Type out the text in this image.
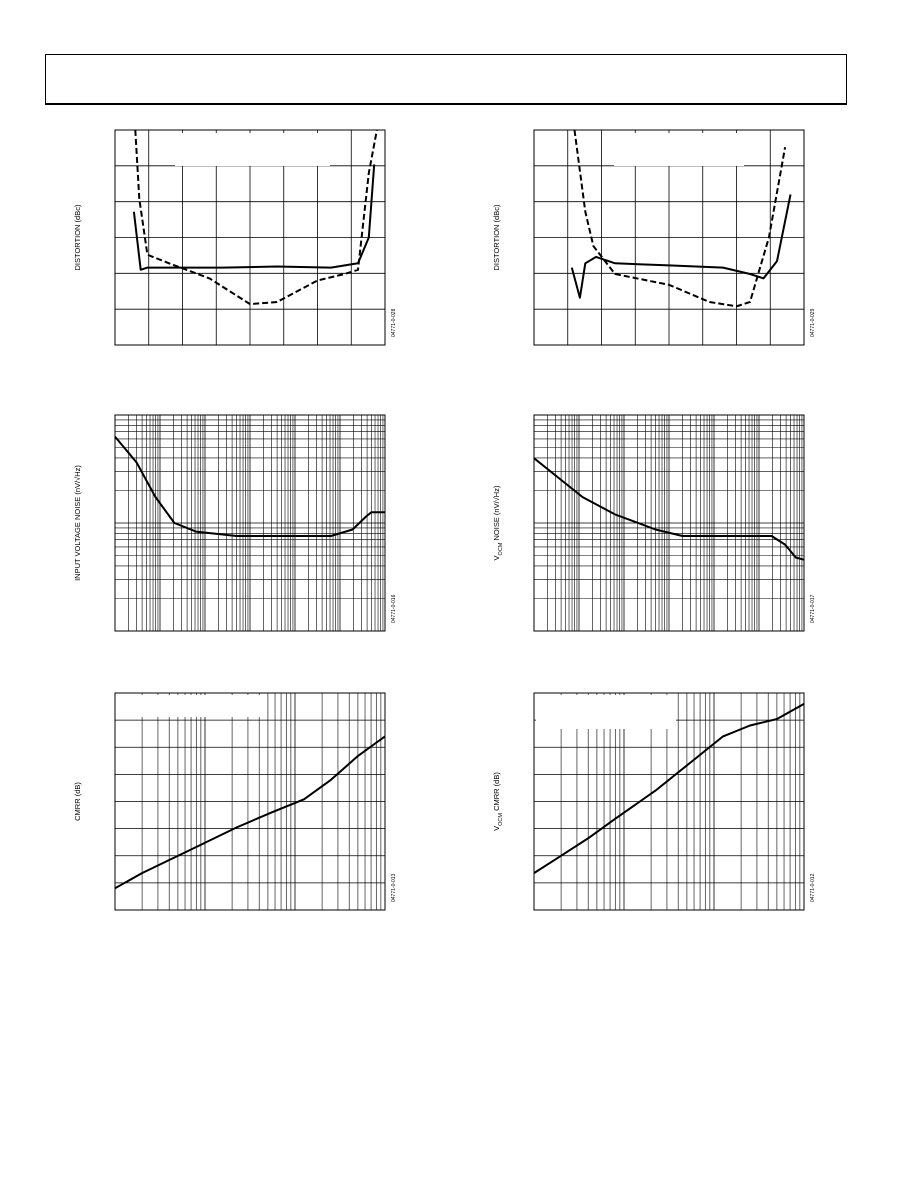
DISTORTION (dBc)
04771-0-028
DISTORTION (dBc)
04771-0-029
INPUT VOLTAGE NOISE (nV/√Hz)
04771-0-016
$V_{OCM}$ NOISE (nV/√Hz)
04771-0-017
CMRR (dB)
04771-0-013
$V_{OCM}$ CMRR (dB)
04771-0-012
